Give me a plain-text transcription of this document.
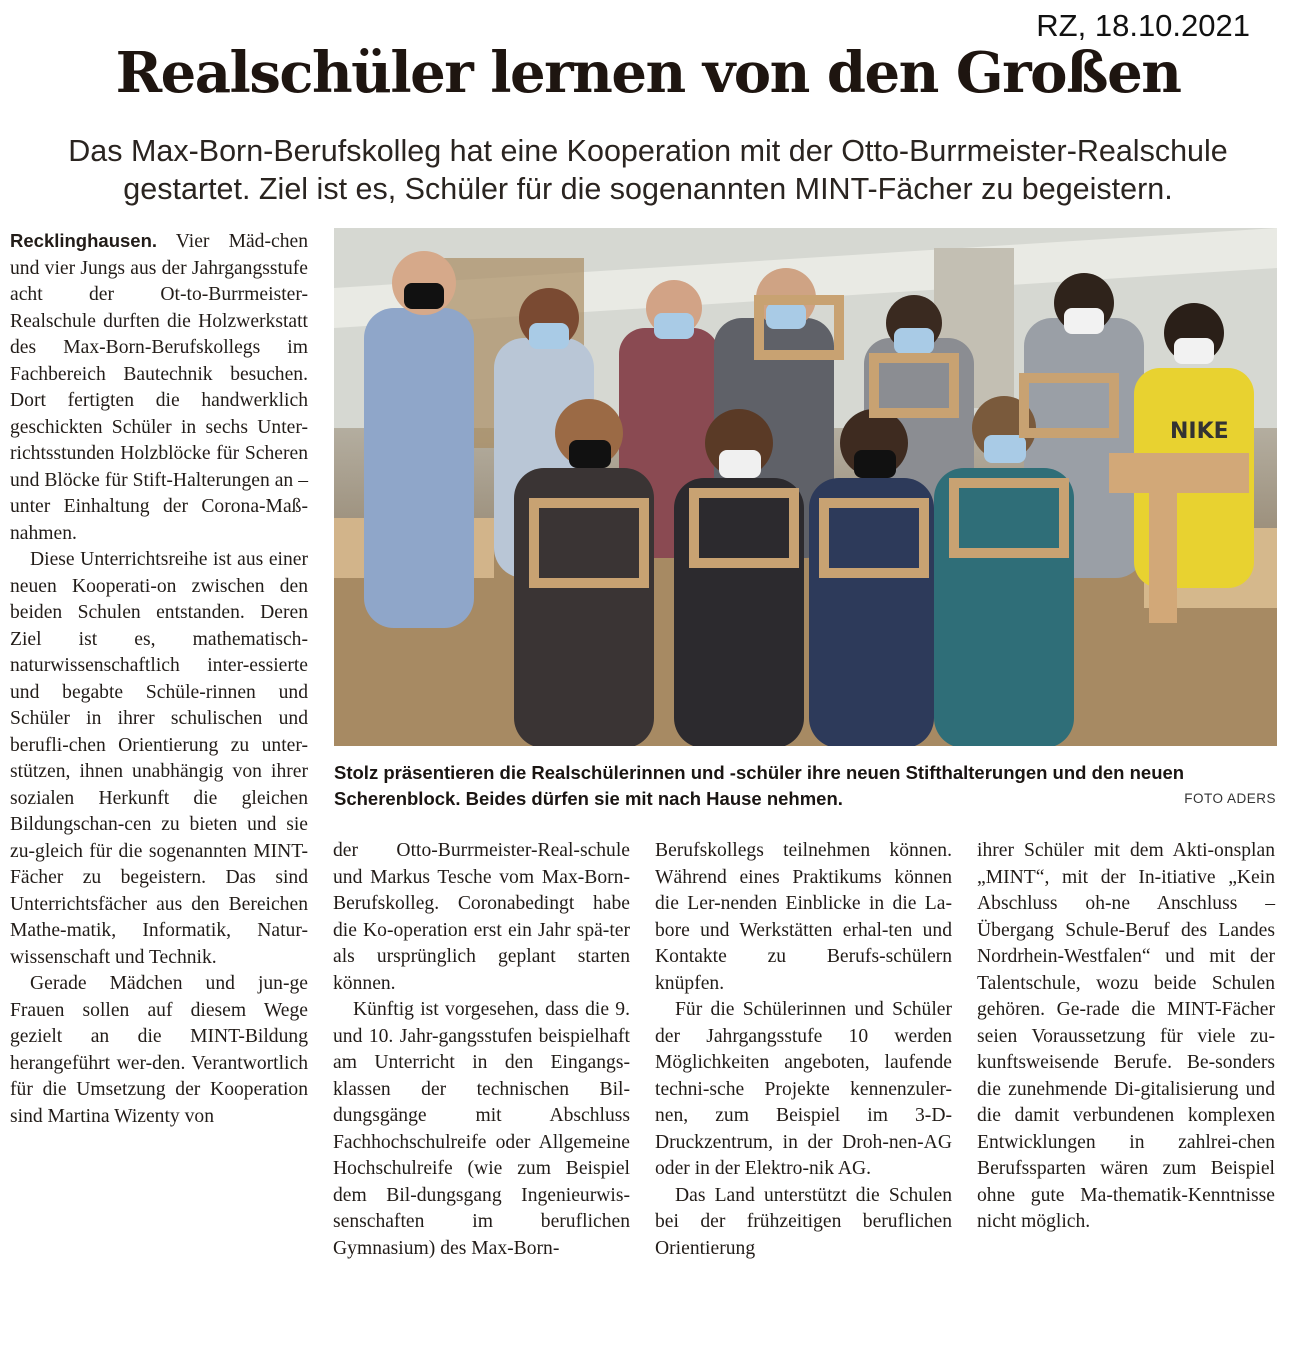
RZ, 18.10.2021
Realschüler lernen von den Großen

Das Max-Born-Berufskolleg hat eine Kooperation mit der Otto-Burrmeister-Realschule gestartet. Ziel ist es, Schüler für die sogenannten MINT-Fächer zu begeistern.

Recklinghausen. Vier Mäd-chen und vier Jungs aus der Jahrgangsstufe acht der Ot-to-Burrmeister-Realschule durften die Holzwerkstatt des Max-Born-Berufskollegs im Fachbereich Bautechnik besuchen. Dort fertigten die handwerklich geschickten Schüler in sechs Unter-richtsstunden Holzblöcke für Scheren und Blöcke für Stift-Halterungen an – unter Einhaltung der Corona-Maß-nahmen.

Diese Unterrichtsreihe ist aus einer neuen Kooperati-on zwischen den beiden Schulen entstanden. Deren Ziel ist es, mathematisch-naturwissenschaftlich inter-essierte und begabte Schüle-rinnen und Schüler in ihrer schulischen und berufli-chen Orientierung zu unter-stützen, ihnen unabhängig von ihrer sozialen Herkunft die gleichen Bildungschan-cen zu bieten und sie zu-gleich für die sogenannten MINT-Fächer zu begeistern. Das sind Unterrichtsfächer aus den Bereichen Mathe-matik, Informatik, Natur-wissenschaft und Technik.

Gerade Mädchen und jun-ge Frauen sollen auf diesem Wege gezielt an die MINT-Bildung herangeführt wer-den. Verantwortlich für die Umsetzung der Kooperation sind Martina Wizenty von

NIKE

Stolz präsentieren die Realschülerinnen und -schüler ihre neuen Stifthalterungen und den neuen Scherenblock. Beides dürfen sie mit nach Hause nehmen.	FOTO ADERS

der Otto-Burrmeister-Real-schule und Markus Tesche vom Max-Born-Berufskolleg. Coronabedingt habe die Ko-operation erst ein Jahr spä-ter als ursprünglich geplant starten können.

Künftig ist vorgesehen, dass die 9. und 10. Jahr-gangsstufen beispielhaft am Unterricht in den Eingangs-klassen der technischen Bil-dungsgänge mit Abschluss Fachhochschulreife oder Allgemeine Hochschulreife (wie zum Beispiel dem Bil-dungsgang Ingenieurwis-senschaften im beruflichen Gymnasium) des Max-Born-

Berufskollegs teilnehmen können. Während eines Praktikums können die Ler-nenden Einblicke in die La-bore und Werkstätten erhal-ten und Kontakte zu Berufs-schülern knüpfen.

Für die Schülerinnen und Schüler der Jahrgangsstufe 10 werden Möglichkeiten angeboten, laufende techni-sche Projekte kennenzuler-nen, zum Beispiel im 3-D-Druckzentrum, in der Droh-nen-AG oder in der Elektro-nik AG.

Das Land unterstützt die Schulen bei der frühzeitigen beruflichen Orientierung

ihrer Schüler mit dem Akti-onsplan „MINT“, mit der In-itiative „Kein Abschluss oh-ne Anschluss – Übergang Schule-Beruf des Landes Nordrhein-Westfalen“ und mit der Talentschule, wozu beide Schulen gehören. Ge-rade die MINT-Fächer seien Voraussetzung für viele zu-kunftsweisende Berufe. Be-sonders die zunehmende Di-gitalisierung und die damit verbundenen komplexen Entwicklungen in zahlrei-chen Berufssparten wären zum Beispiel ohne gute Ma-thematik-Kenntnisse nicht möglich.
